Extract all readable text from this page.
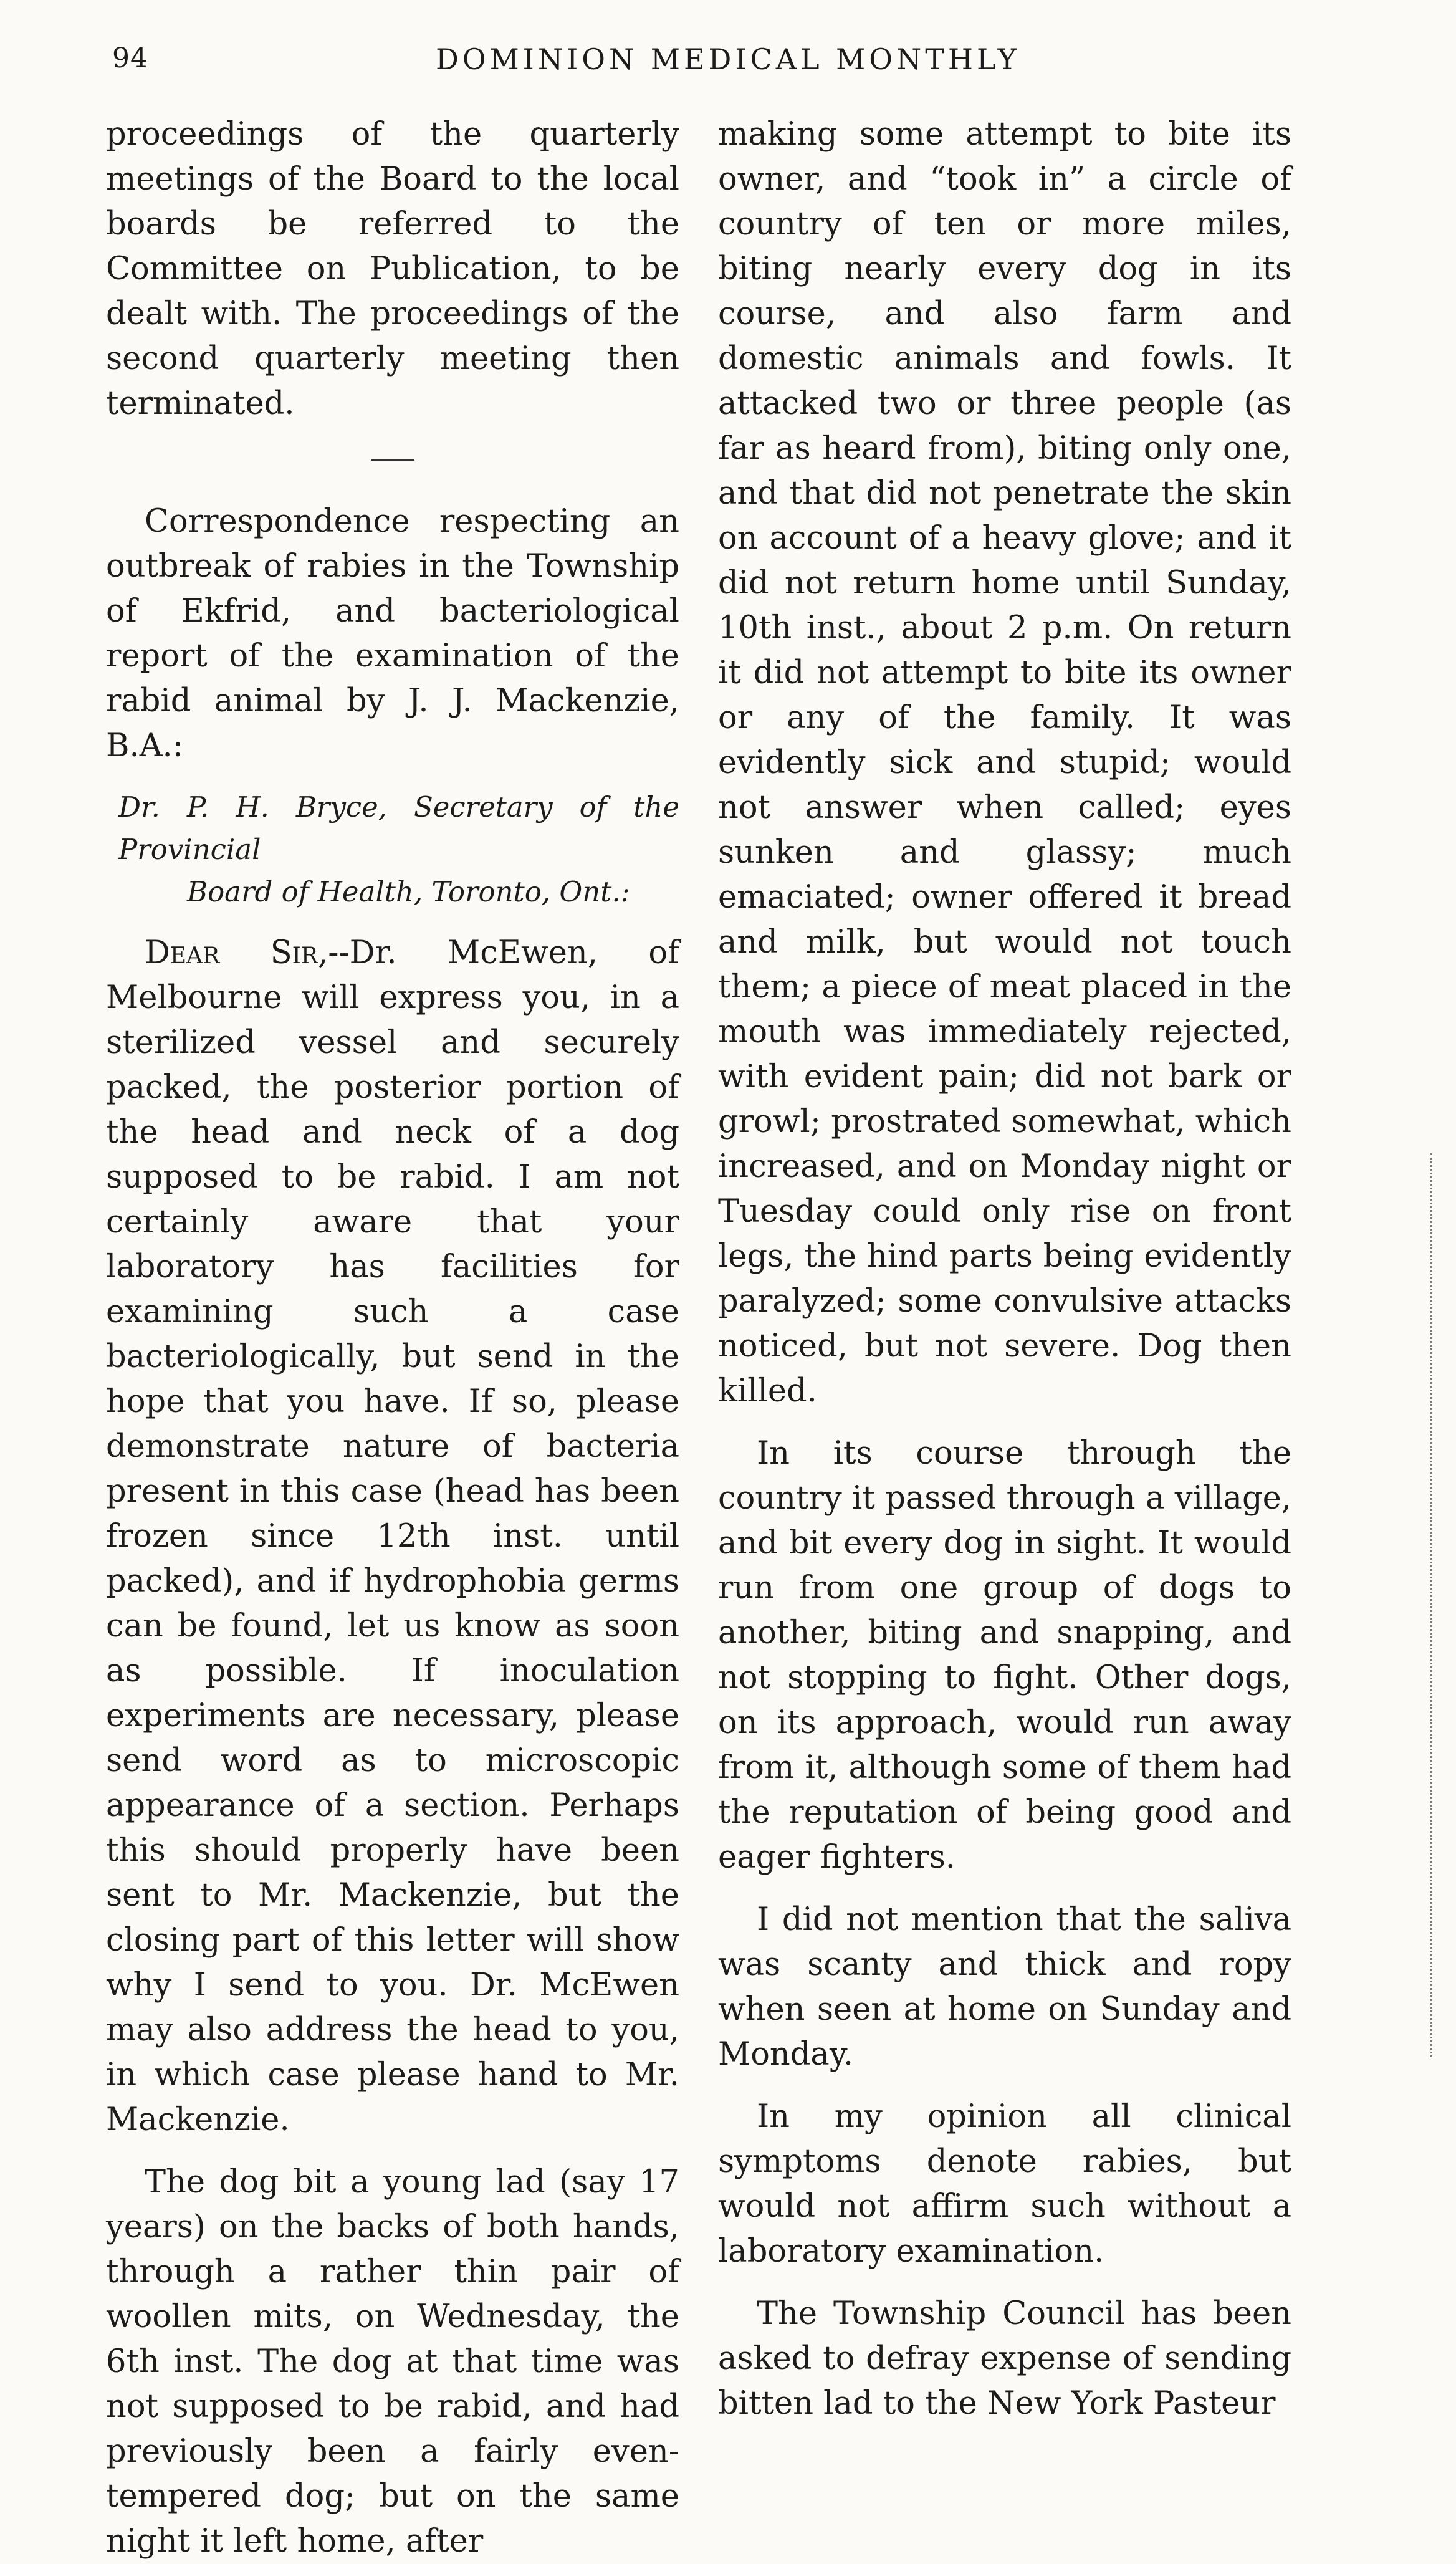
94	DOMINION MEDICAL MONTHLY

proceedings of the quarterly meetings of the Board to the local boards be referred to the Committee on Publication, to be dealt with. The proceedings of the second quarterly meeting then terminated.

Correspondence respecting an outbreak of rabies in the Township of Ekfrid, and bacteriological report of the examination of the rabid animal by J. J. Mackenzie, B.A.:

Dr. P. H. Bryce, Secretary of the Provincial
Board of Health, Toronto, Ont.:

Dear Sir,--Dr. McEwen, of Melbourne will express you, in a sterilized vessel and securely packed, the posterior portion of the head and neck of a dog supposed to be rabid. I am not certainly aware that your laboratory has facilities for examining such a case bacteriologically, but send in the hope that you have. If so, please demonstrate nature of bacteria present in this case (head has been frozen since 12th inst. until packed), and if hydrophobia germs can be found, let us know as soon as possible. If inoculation experiments are necessary, please send word as to microscopic appearance of a section. Perhaps this should properly have been sent to Mr. Mackenzie, but the closing part of this letter will show why I send to you. Dr. McEwen may also address the head to you, in which case please hand to Mr. Mackenzie.

The dog bit a young lad (say 17 years) on the backs of both hands, through a rather thin pair of woollen mits, on Wednesday, the 6th inst. The dog at that time was not supposed to be rabid, and had previously been a fairly even-tempered dog; but on the same night it left home, after

making some attempt to bite its owner, and “took in” a circle of country of ten or more miles, biting nearly every dog in its course, and also farm and domestic animals and fowls. It attacked two or three people (as far as heard from), biting only one, and that did not penetrate the skin on account of a heavy glove; and it did not return home until Sunday, 10th inst., about 2 p.m. On return it did not attempt to bite its owner or any of the family. It was evidently sick and stupid; would not answer when called; eyes sunken and glassy; much emaciated; owner offered it bread and milk, but would not touch them; a piece of meat placed in the mouth was immediately rejected, with evident pain; did not bark or growl; prostrated somewhat, which increased, and on Monday night or Tuesday could only rise on front legs, the hind parts being evidently paralyzed; some convulsive attacks noticed, but not severe. Dog then killed.

In its course through the country it passed through a village, and bit every dog in sight. It would run from one group of dogs to another, biting and snapping, and not stopping to fight. Other dogs, on its approach, would run away from it, although some of them had the reputation of being good and eager fighters.

I did not mention that the saliva was scanty and thick and ropy when seen at home on Sunday and Monday.

In my opinion all clinical symptoms denote rabies, but would not affirm such without a laboratory examination.

The Township Council has been asked to defray expense of sending bitten lad to the New York Pasteur
